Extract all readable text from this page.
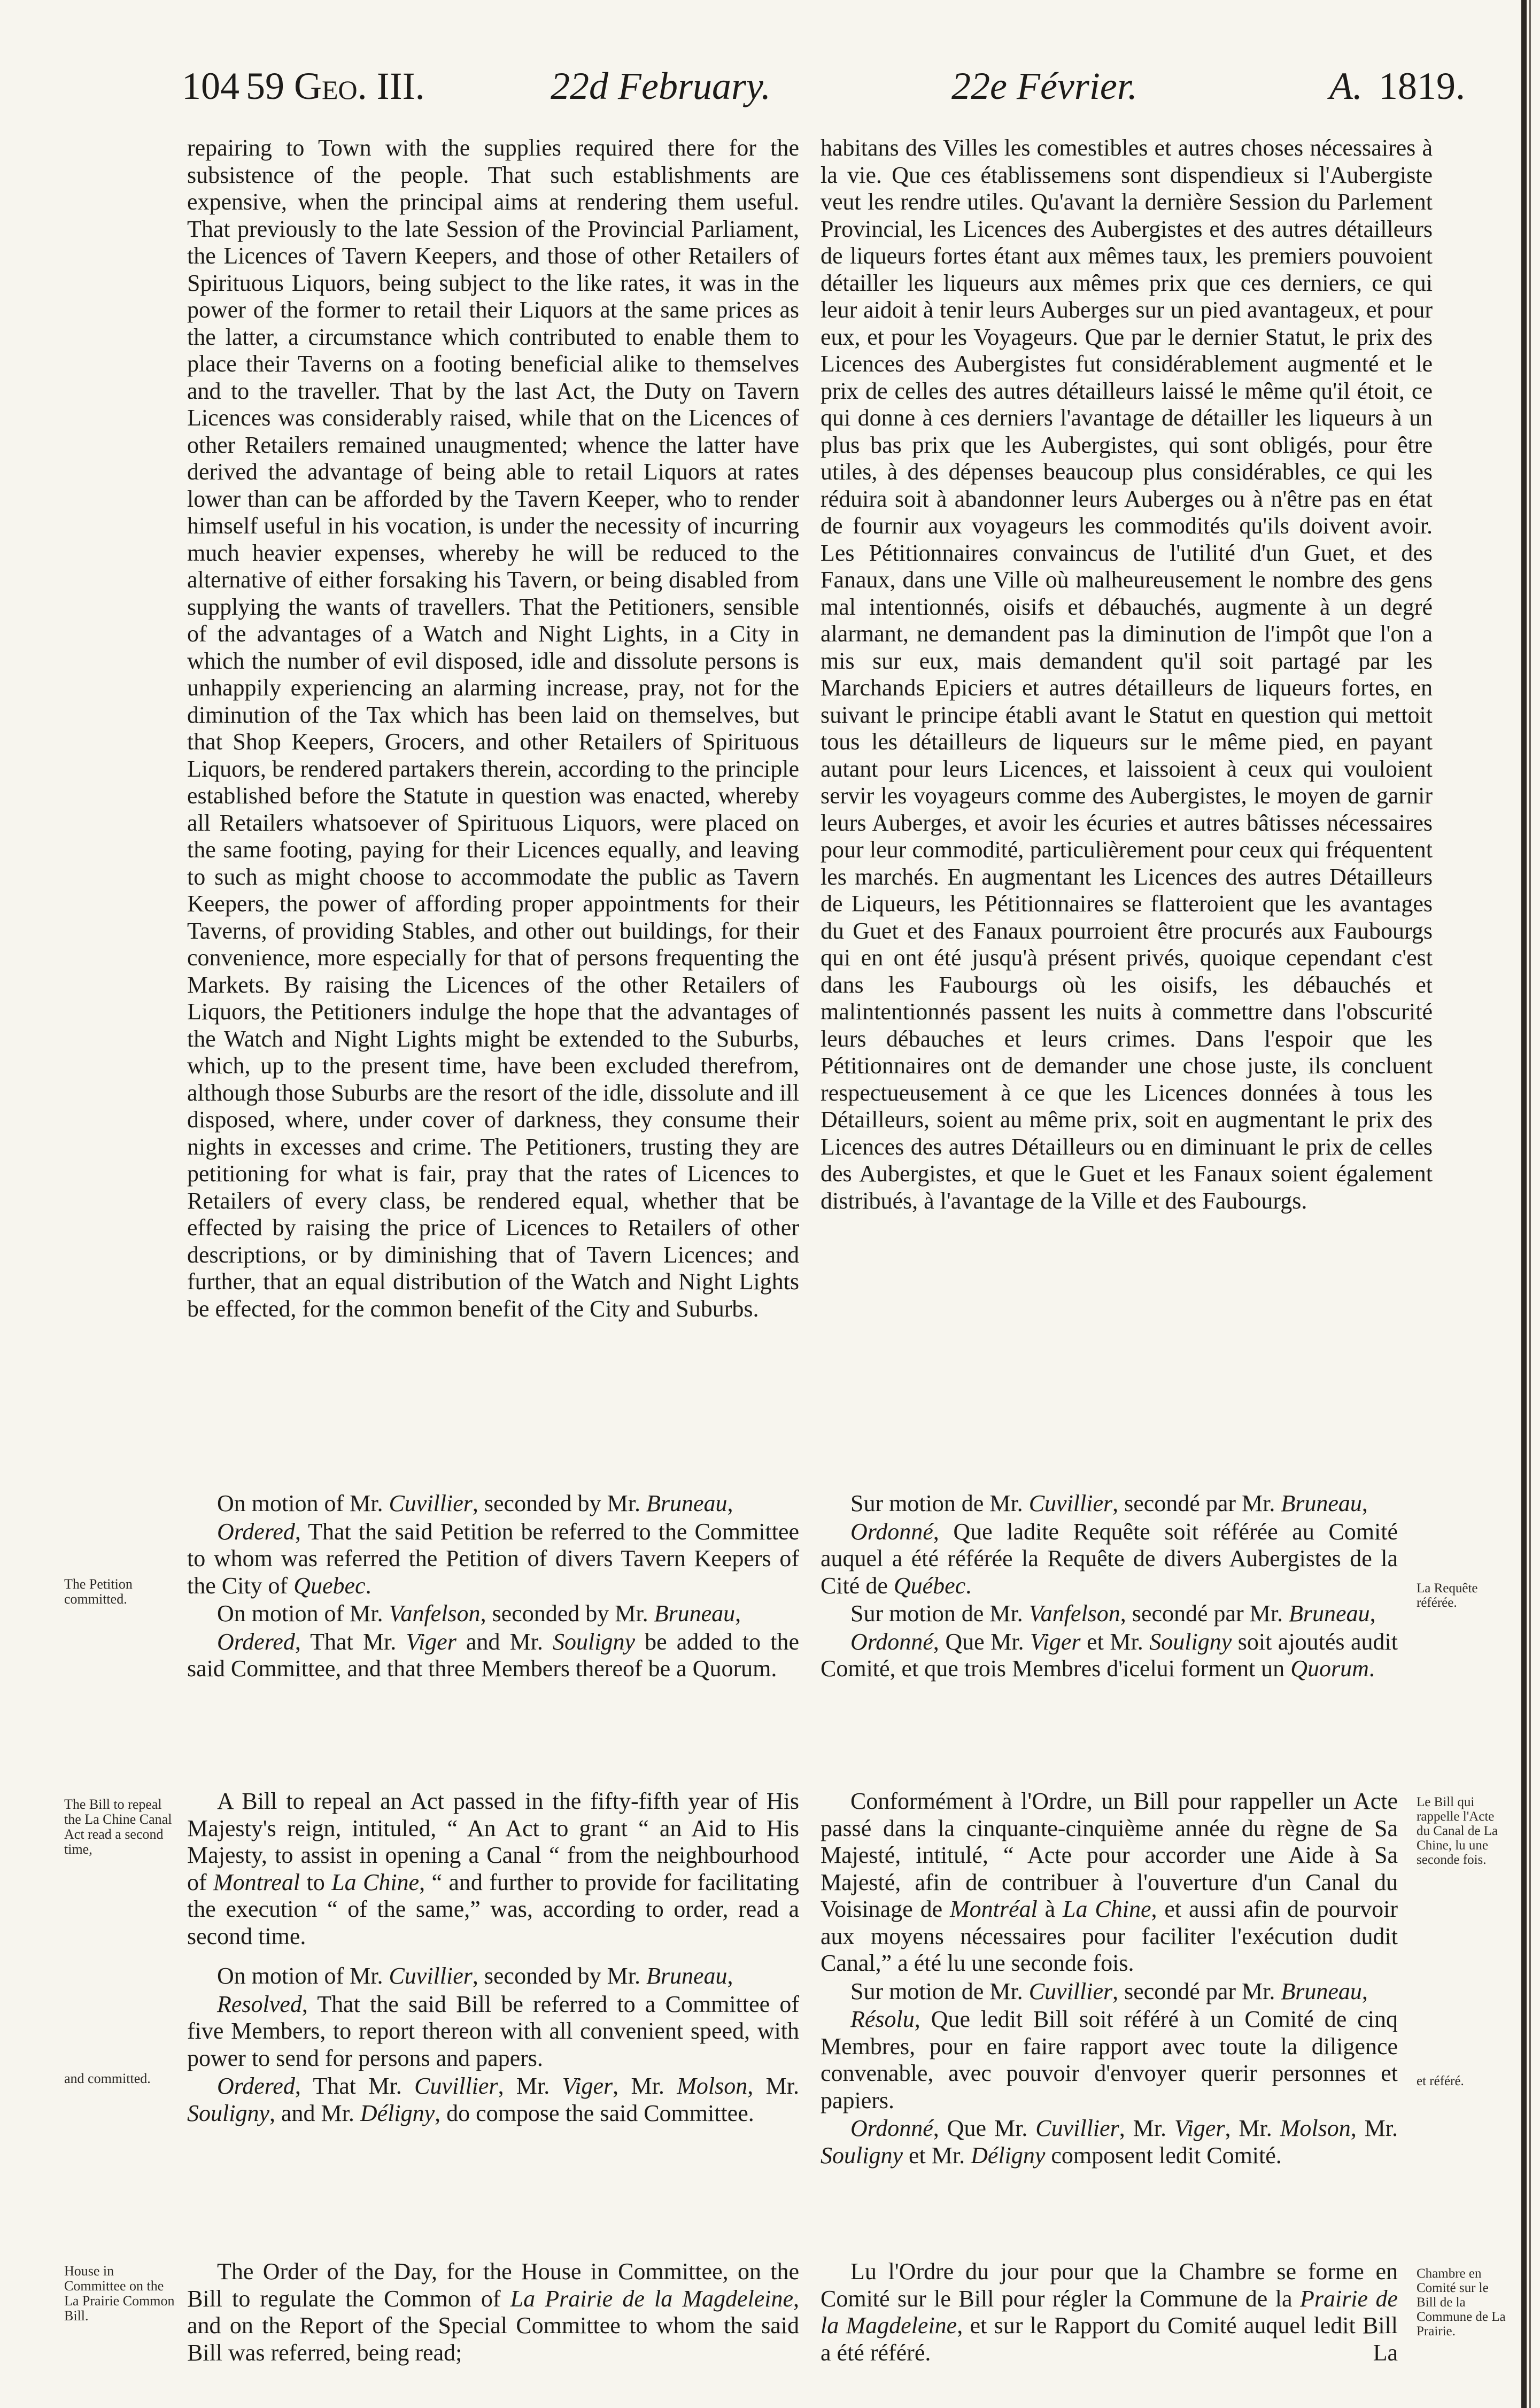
104 59 Geo. III.	22d February.	22e Février.	A. 1819.

repairing to Town with the supplies required there for the subsistence of the people. That such establishments are expensive, when the principal aims at rendering them useful. That previously to the late Session of the Provincial Parliament, the Licences of Tavern Keepers, and those of other Retailers of Spirituous Liquors, being subject to the like rates, it was in the power of the former to retail their Liquors at the same prices as the latter, a circumstance which contributed to enable them to place their Taverns on a footing beneficial alike to themselves and to the traveller. That by the last Act, the Duty on Tavern Licences was considerably raised, while that on the Licences of other Retailers remained unaugmented; whence the latter have derived the advantage of being able to retail Liquors at rates lower than can be afforded by the Tavern Keeper, who to render himself useful in his vocation, is under the necessity of incurring much heavier expenses, whereby he will be reduced to the alternative of either forsaking his Tavern, or being disabled from supplying the wants of travellers. That the Petitioners, sensible of the advantages of a Watch and Night Lights, in a City in which the number of evil disposed, idle and dissolute persons is unhappily experiencing an alarming increase, pray, not for the diminution of the Tax which has been laid on themselves, but that Shop Keepers, Grocers, and other Retailers of Spirituous Liquors, be rendered partakers therein, according to the principle established before the Statute in question was enacted, whereby all Retailers whatsoever of Spirituous Liquors, were placed on the same footing, paying for their Licences equally, and leaving to such as might choose to accommodate the public as Tavern Keepers, the power of affording proper appointments for their Taverns, of providing Stables, and other out buildings, for their convenience, more especially for that of persons frequenting the Markets. By raising the Licences of the other Retailers of Liquors, the Petitioners indulge the hope that the advantages of the Watch and Night Lights might be extended to the Suburbs, which, up to the present time, have been excluded therefrom, although those Suburbs are the resort of the idle, dissolute and ill disposed, where, under cover of darkness, they consume their nights in excesses and crime. The Petitioners, trusting they are petitioning for what is fair, pray that the rates of Licences to Retailers of every class, be rendered equal, whether that be effected by raising the price of Licences to Retailers of other descriptions, or by diminishing that of Tavern Licences; and further, that an equal distribution of the Watch and Night Lights be effected, for the common benefit of the City and Suburbs.

habitans des Villes les comestibles et autres choses nécessaires à la vie. Que ces établissemens sont dispendieux si l'Aubergiste veut les rendre utiles. Qu'avant la dernière Session du Parlement Provincial, les Licences des Aubergistes et des autres détailleurs de liqueurs fortes étant aux mêmes taux, les premiers pouvoient détailler les liqueurs aux mêmes prix que ces derniers, ce qui leur aidoit à tenir leurs Auberges sur un pied avantageux, et pour eux, et pour les Voyageurs. Que par le dernier Statut, le prix des Licences des Aubergistes fut considérablement augmenté et le prix de celles des autres détailleurs laissé le même qu'il étoit, ce qui donne à ces derniers l'avantage de détailler les liqueurs à un plus bas prix que les Aubergistes, qui sont obligés, pour être utiles, à des dépenses beaucoup plus considérables, ce qui les réduira soit à abandonner leurs Auberges ou à n'être pas en état de fournir aux voyageurs les commodités qu'ils doivent avoir. Les Pétitionnaires convaincus de l'utilité d'un Guet, et des Fanaux, dans une Ville où malheureusement le nombre des gens mal intentionnés, oisifs et débauchés, augmente à un degré alarmant, ne demandent pas la diminution de l'impôt que l'on a mis sur eux, mais demandent qu'il soit partagé par les Marchands Epiciers et autres détailleurs de liqueurs fortes, en suivant le principe établi avant le Statut en question qui mettoit tous les détailleurs de liqueurs sur le même pied, en payant autant pour leurs Licences, et laissoient à ceux qui vouloient servir les voyageurs comme des Aubergistes, le moyen de garnir leurs Auberges, et avoir les écuries et autres bâtisses nécessaires pour leur commodité, particulièrement pour ceux qui fréquentent les marchés. En augmentant les Licences des autres Détailleurs de Liqueurs, les Pétitionnaires se flatteroient que les avantages du Guet et des Fanaux pourroient être procurés aux Faubourgs qui en ont été jusqu'à présent privés, quoique cependant c'est dans les Faubourgs où les oisifs, les débauchés et malintentionnés passent les nuits à commettre dans l'obscurité leurs débauches et leurs crimes. Dans l'espoir que les Pétitionnaires ont de demander une chose juste, ils concluent respectueusement à ce que les Licences données à tous les Détailleurs, soient au même prix, soit en augmentant le prix des Licences des autres Détailleurs ou en diminuant le prix de celles des Aubergistes, et que le Guet et les Fanaux soient également distribués, à l'avantage de la Ville et des Faubourgs.

On motion of Mr. Cuvillier, seconded by Mr. Bruneau,

Ordered, That the said Petition be referred to the Committee to whom was referred the Petition of divers Tavern Keepers of the City of Quebec.

On motion of Mr. Vanfelson, seconded by Mr. Bruneau,

Ordered, That Mr. Viger and Mr. Souligny be added to the said Committee, and that three Members thereof be a Quorum.

Sur motion de Mr. Cuvillier, secondé par Mr. Bruneau,

Ordonné, Que ladite Requête soit référée au Comité auquel a été référée la Requête de divers Aubergistes de la Cité de Québec.

Sur motion de Mr. Vanfelson, secondé par Mr. Bruneau,

Ordonné, Que Mr. Viger et Mr. Souligny soit ajoutés audit Comité, et que trois Membres d'icelui forment un Quorum.

The Petition committed.
La Requête référée.

A Bill to repeal an Act passed in the fifty-fifth year of His Majesty's reign, intituled, “ An Act to grant “ an Aid to His Majesty, to assist in opening a Canal “ from the neighbourhood of Montreal to La Chine, “ and further to provide for facilitating the execution “ of the same,” was, according to order, read a second time.

On motion of Mr. Cuvillier, seconded by Mr. Bruneau,

Resolved, That the said Bill be referred to a Committee of five Members, to report thereon with all convenient speed, with power to send for persons and papers.

Ordered, That Mr. Cuvillier, Mr. Viger, Mr. Molson, Mr. Souligny, and Mr. Déligny, do compose the said Committee.

Conformément à l'Ordre, un Bill pour rappeller un Acte passé dans la cinquante-cinquième année du règne de Sa Majesté, intitulé, “ Acte pour accorder une Aide à Sa Majesté, afin de contribuer à l'ouverture d'un Canal du Voisinage de Montréal à La Chine, et aussi afin de pourvoir aux moyens nécessaires pour faciliter l'exécution dudit Canal,” a été lu une seconde fois.

Sur motion de Mr. Cuvillier, secondé par Mr. Bruneau,

Résolu, Que ledit Bill soit référé à un Comité de cinq Membres, pour en faire rapport avec toute la diligence convenable, avec pouvoir d'envoyer querir personnes et papiers.

Ordonné, Que Mr. Cuvillier, Mr. Viger, Mr. Molson, Mr. Souligny et Mr. Déligny composent ledit Comité.

The Bill to repeal the La Chine Canal Act read a second time,
and committed.
Le Bill qui rappelle l'Acte du Canal de La Chine, lu une seconde fois.
et référé.

The Order of the Day, for the House in Committee, on the Bill to regulate the Common of La Prairie de la Magdeleine, and on the Report of the Special Committee to whom the said Bill was referred, being read;

Lu l'Ordre du jour pour que la Chambre se forme en Comité sur le Bill pour régler la Commune de la Prairie de la Magdeleine, et sur le Rapport du Comité auquel ledit Bill a été référé.	La

House in Committee on the La Prairie Common Bill.
Chambre en Comité sur le Bill de la Commune de La Prairie.
